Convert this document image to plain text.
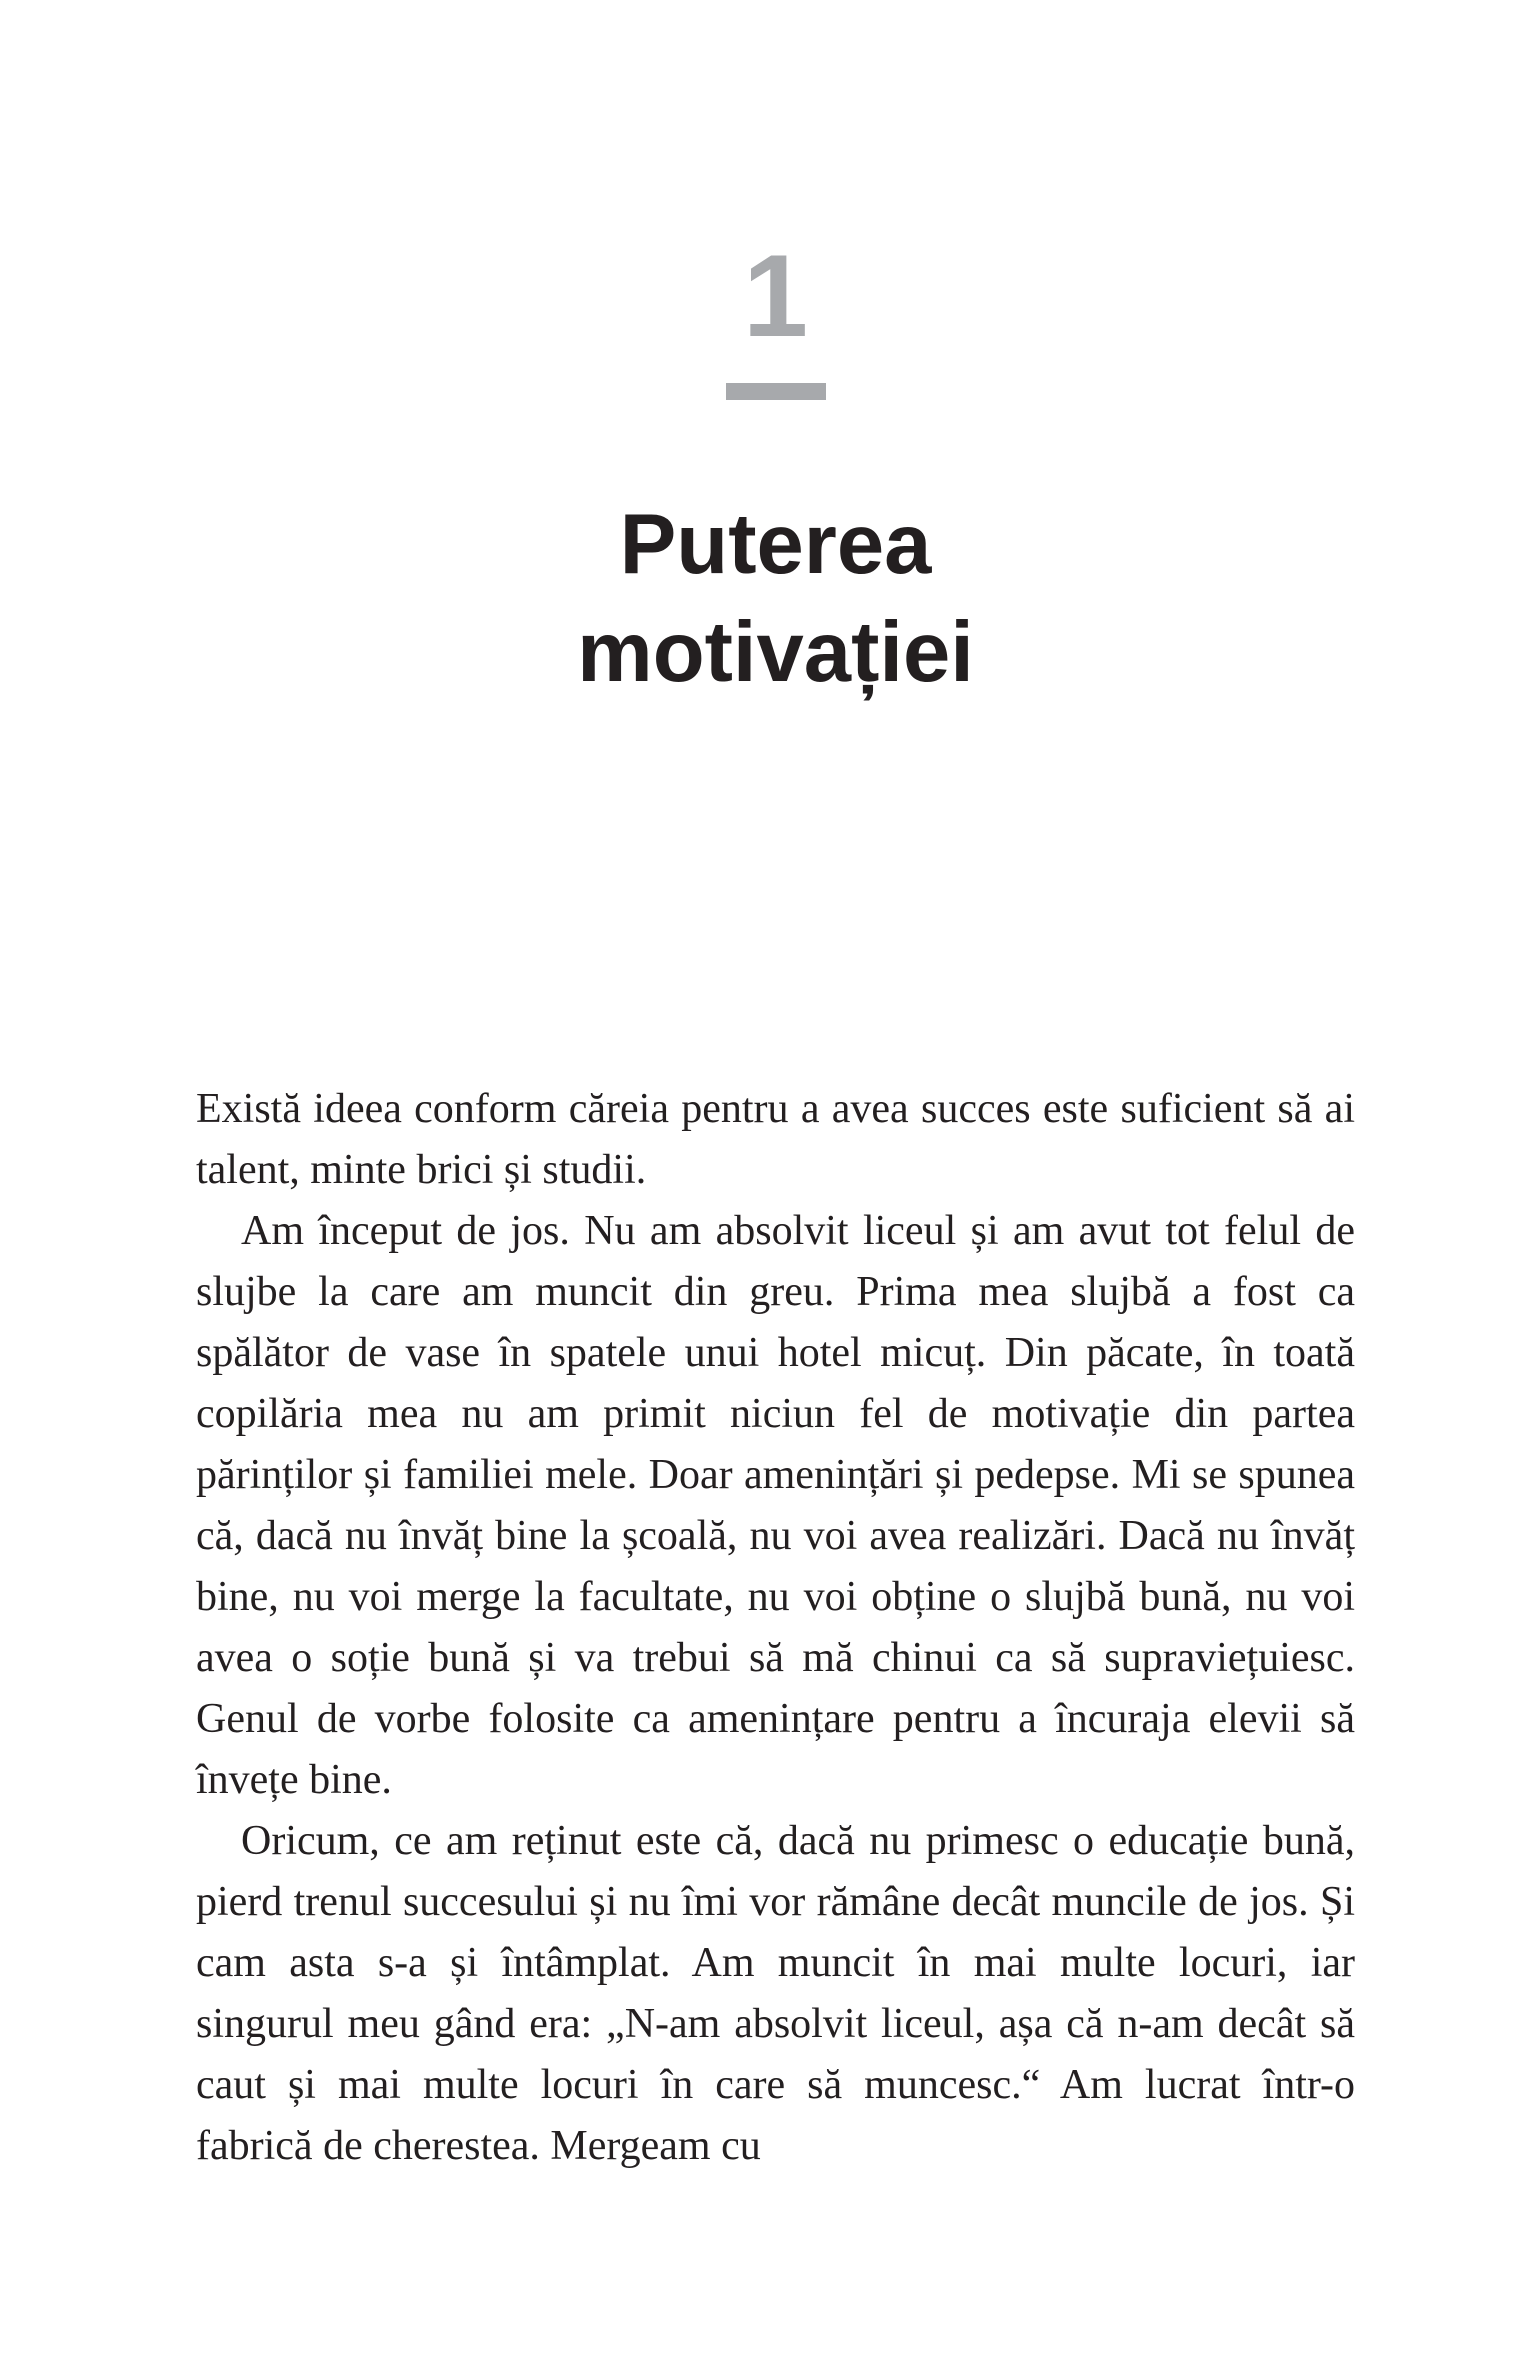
1
Puterea
motivației

Există ideea conform căreia pentru a avea succes este suficient să ai talent, minte brici și studii.

Am început de jos. Nu am absolvit liceul și am avut tot felul de slujbe la care am muncit din greu. Prima mea slujbă a fost ca spălător de vase în spatele unui hotel micuț. Din păcate, în toată copilăria mea nu am primit niciun fel de motivație din partea părinților și familiei mele. Doar amenințări și pedepse. Mi se spunea că, dacă nu învăț bine la școală, nu voi avea realizări. Dacă nu învăț bine, nu voi merge la facultate, nu voi obține o slujbă bună, nu voi avea o soție bună și va trebui să mă chinui ca să supraviețuiesc. Genul de vorbe folosite ca amenințare pentru a încuraja elevii să învețe bine.

Oricum, ce am reținut este că, dacă nu primesc o educație bună, pierd trenul succesului și nu îmi vor rămâne decât muncile de jos. Și cam asta s-a și întâmplat. Am muncit în mai multe locuri, iar singurul meu gând era: „N-am absolvit liceul, așa că n-am decât să caut și mai multe locuri în care să muncesc.“ Am lucrat într-o fabrică de cherestea. Mergeam cu
